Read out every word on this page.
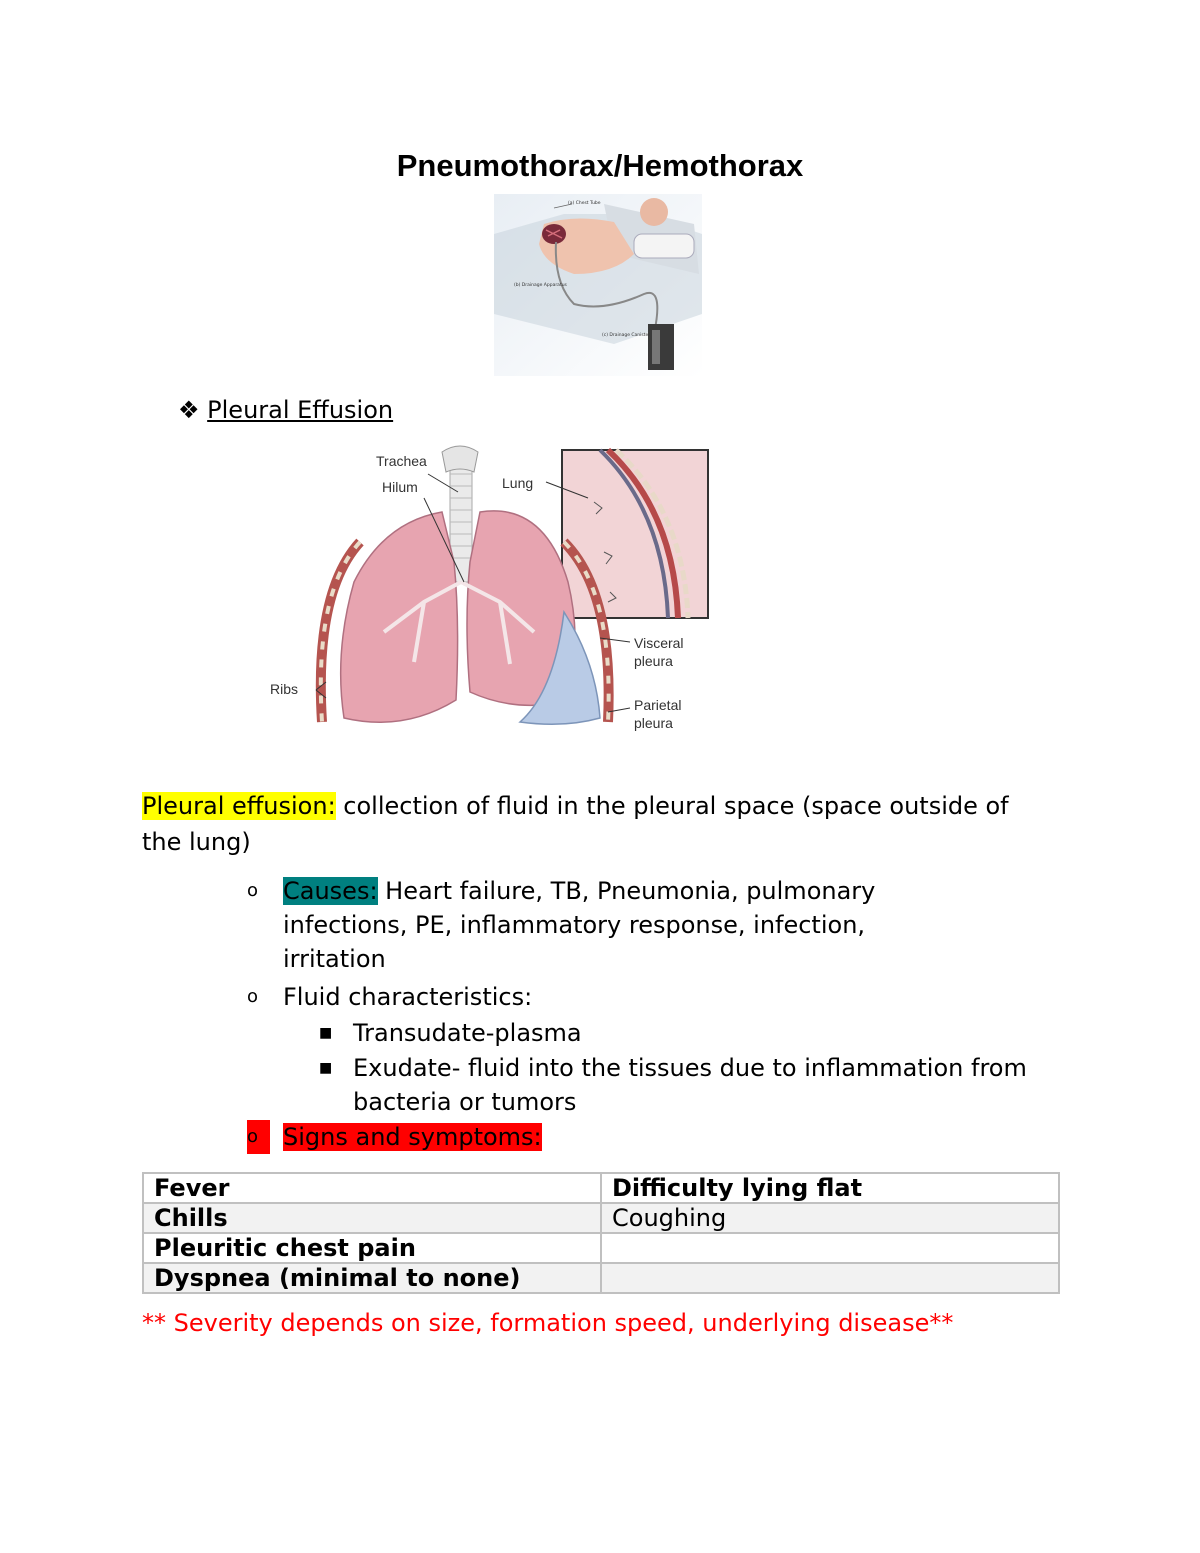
Pneumothorax/Hemothorax
(a) Chest Tube
(b) Drainage Apparatus
(c) Drainage Canister
❖ Pleural Effusion
Trachea
Hilum	Lung
Ribs
Visceral
pleura
Parietal
pleura
Pleural effusion: collection of fluid in the pleural space (space outside of the lung)
o Causes: Heart failure, TB, Pneumonia, pulmonary infections, PE, inflammatory response, infection, irritation
o Fluid characteristics:
■ Transudate-plasma
■ Exudate- fluid into the tissues due to inflammation from bacteria or tumors
o	Signs and symptoms:
Fever	Difficulty lying flat
Chills	Coughing
Pleuritic chest pain	
Dyspnea (minimal to none)	
** Severity depends on size, formation speed, underlying disease**
